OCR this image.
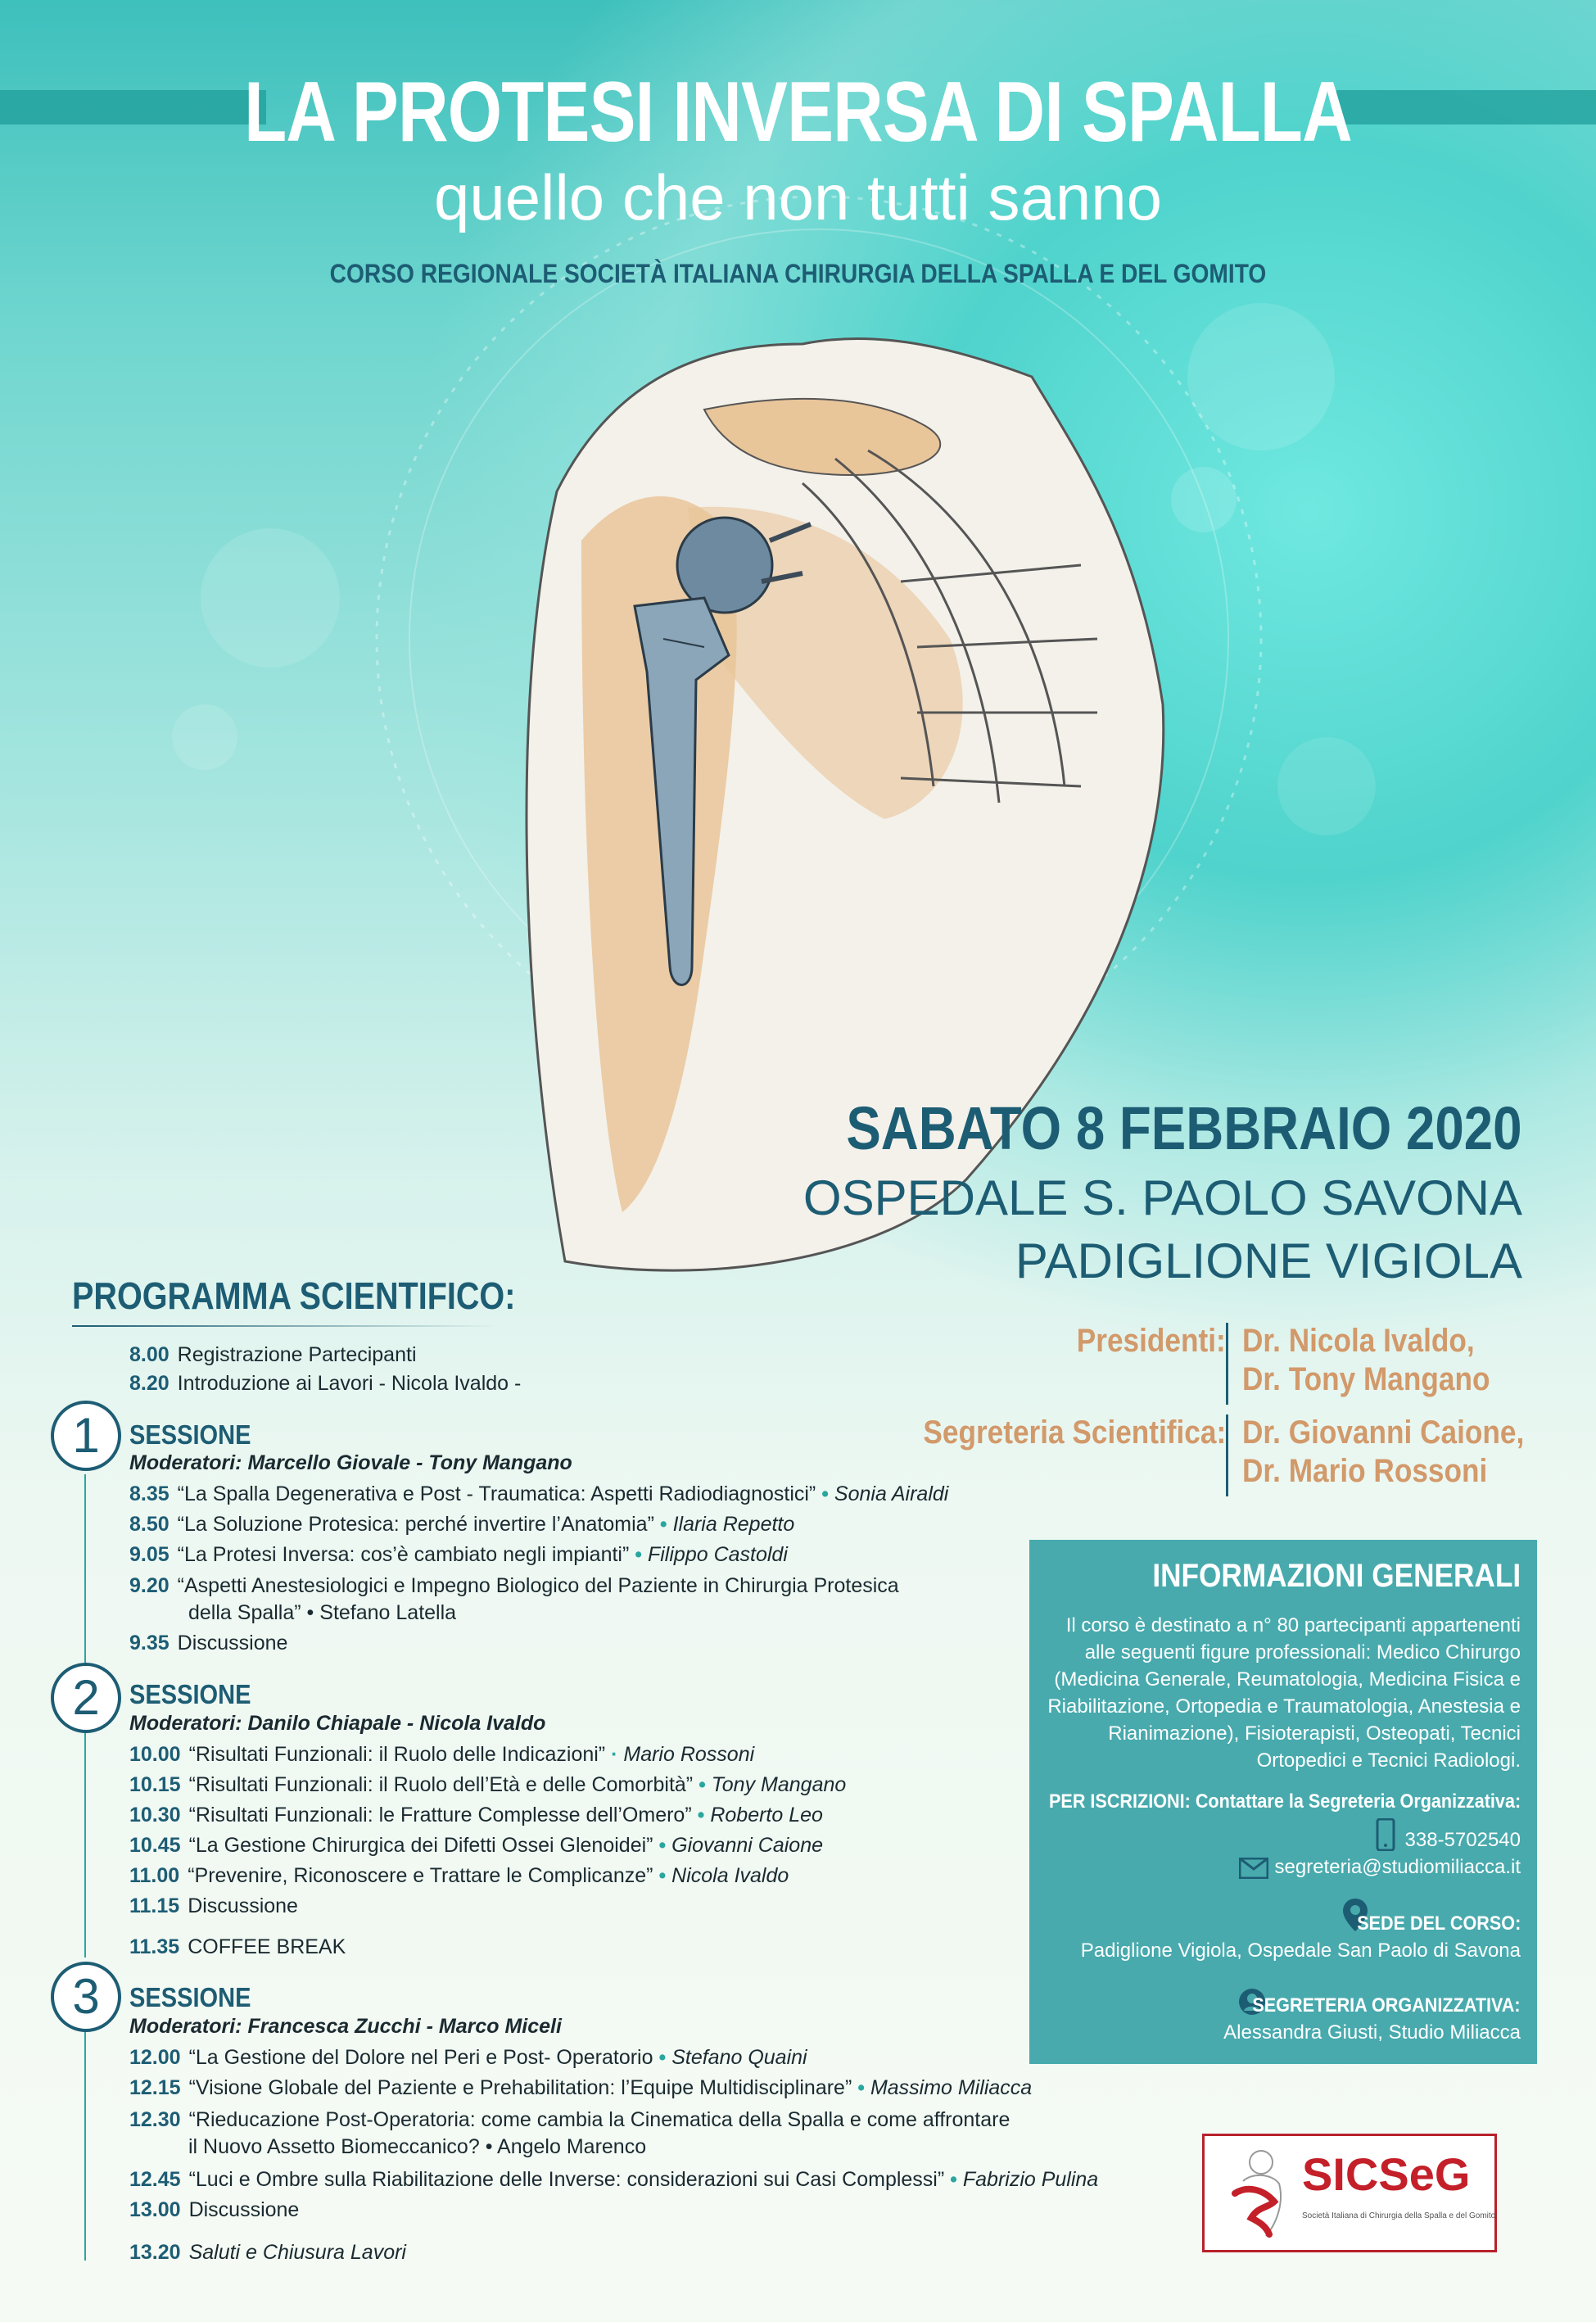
LA PROTESI INVERSA DI SPALLA
quello che non tutti sanno
CORSO REGIONALE SOCIETÀ ITALIANA CHIRURGIA DELLA SPALLA E DEL GOMITO
SABATO 8 FEBBRAIO 2020
OSPEDALE S. PAOLO SAVONA
PADIGLIONE VIGIOLA
Presidenti: Dr. Nicola Ivaldo,
Dr. Tony Mangano
Segreteria Scientifica: Dr. Giovanni Caione,
Dr. Mario Rossoni
PROGRAMMA SCIENTIFICO:
8.00 Registrazione Partecipanti
8.20 Introduzione ai Lavori - Nicola Ivaldo -
1	SESSIONE
Moderatori: Marcello Giovale - Tony Mangano
8.35 “La Spalla Degenerativa e Post - Traumatica: Aspetti Radiodiagnostici” • Sonia Airaldi
8.50 “La Soluzione Protesica: perché invertire l’Anatomia” • Ilaria Repetto
9.05 “La Protesi Inversa: cos’è cambiato negli impianti” • Filippo Castoldi
9.20 “Aspetti Anestesiologici e Impegno Biologico del Paziente in Chirurgia Protesica
della Spalla” • Stefano Latella
9.35 Discussione
2	SESSIONE
Moderatori: Danilo Chiapale - Nicola Ivaldo
10.00 “Risultati Funzionali: il Ruolo delle Indicazioni” · Mario Rossoni
10.15 “Risultati Funzionali: il Ruolo dell’Età e delle Comorbità” • Tony Mangano
10.30 “Risultati Funzionali: le Fratture Complesse dell’Omero” • Roberto Leo
10.45 “La Gestione Chirurgica dei Difetti Ossei Glenoidei” • Giovanni Caione
11.00 “Prevenire, Riconoscere e Trattare le Complicanze” • Nicola Ivaldo
11.15 Discussione
11.35 COFFEE BREAK
3	SESSIONE
Moderatori: Francesca Zucchi - Marco Miceli
12.00 “La Gestione del Dolore nel Peri e Post- Operatorio • Stefano Quaini
12.15 “Visione Globale del Paziente e Prehabilitation: l’Equipe Multidisciplinare” • Massimo Miliacca
12.30 “Rieducazione Post-Operatoria: come cambia la Cinematica della Spalla e come affrontare
il Nuovo Assetto Biomeccanico? • Angelo Marenco
12.45 “Luci e Ombre sulla Riabilitazione delle Inverse: considerazioni sui Casi Complessi” • Fabrizio Pulina
13.00 Discussione
13.20 Saluti e Chiusura Lavori
INFORMAZIONI GENERALI
Il corso è destinato a n° 80 partecipanti appartenenti alle seguenti figure professionali: Medico Chirurgo (Medicina Generale, Reumatologia, Medicina Fisica e Riabilitazione, Ortopedia e Traumatologia, Anestesia e Rianimazione), Fisioterapisti, Osteopati, Tecnici Ortopedici e Tecnici Radiologi.
PER ISCRIZIONI: Contattare la Segreteria Organizzativa:
338-5702540
segreteria@studiomiliacca.it
SEDE DEL CORSO:
Padiglione Vigiola, Ospedale San Paolo di Savona
SEGRETERIA ORGANIZZATIVA:
Alessandra Giusti, Studio Miliacca
SICSeG
Società Italiana di Chirurgia della Spalla e del Gomito
